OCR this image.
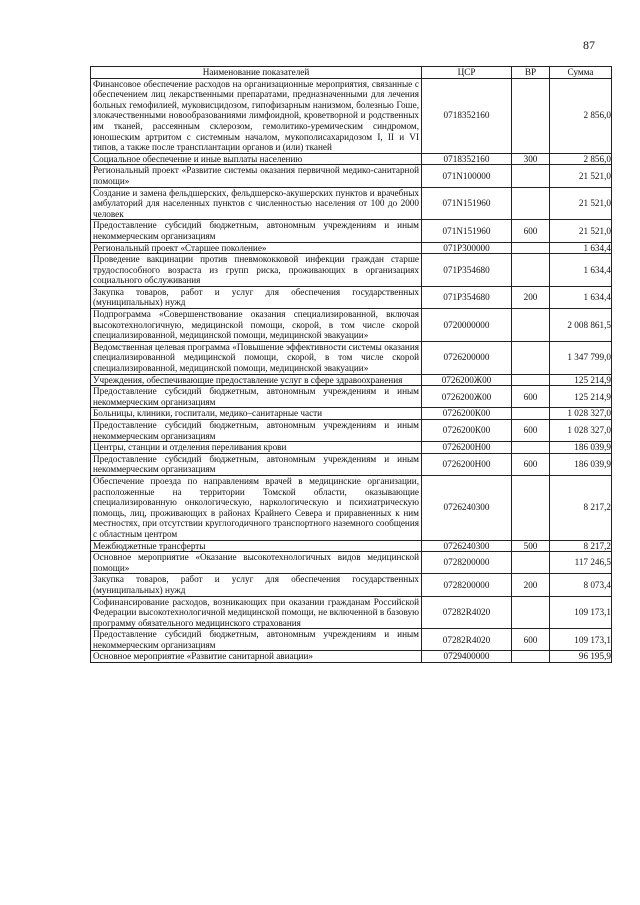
87
Наименование показателей	ЦСР	ВР	Сумма
Финансовое обеспечение расходов на организационные мероприятия, связанные с обеспечением лиц лекарственными препаратами, предназначенными для лечения больных гемофилией, муковисцидозом, гипофизарным нанизмом, болезнью Гоше, злокачественными новообразованиями лимфоидной, кроветворной и родственных им тканей, рассеянным склерозом, гемолитико-уремическим синдромом, юношеским артритом с системным началом, мукополисахаридозом I, II и VI типов, а также после трансплантации органов и (или) тканей	0718352160		2 856,0
Социальное обеспечение и иные выплаты населению	0718352160	300	2 856,0
Региональный проект «Развитие системы оказания первичной медико-санитарной помощи»	071N100000		21 521,0
Создание и замена фельдшерских, фельдшерско-акушерских пунктов и врачебных амбулаторий для населенных пунктов с численностью населения от 100 до 2000 человек	071N151960		21 521,0
Предоставление субсидий бюджетным, автономным учреждениям и иным некоммерческим организациям	071N151960	600	21 521,0
Региональный проект «Старшее поколение»	071P300000		1 634,4
Проведение вакцинации против пневмококковой инфекции граждан старше трудоспособного возраста из групп риска, проживающих в организациях социального обслуживания	071P354680		1 634,4
Закупка товаров, работ и услуг для обеспечения государственных (муниципальных) нужд	071P354680	200	1 634,4
Подпрограмма «Совершенствование оказания специализированной, включая высокотехнологичную, медицинской помощи, скорой, в том числе скорой специализированной, медицинской помощи, медицинской эвакуации»	0720000000		2 008 861,5
Ведомственная целевая программа «Повышение эффективности системы оказания специализированной медицинской помощи, скорой, в том числе скорой специализированной, медицинской помощи, медицинской эвакуации»	0726200000		1 347 799,0
Учреждения, обеспечивающие предоставление услуг в сфере здравоохранения	0726200Ж00		125 214,9
Предоставление субсидий бюджетным, автономным учреждениям и иным некоммерческим организациям	0726200Ж00	600	125 214,9
Больницы, клиники, госпитали, медико–санитарные части	0726200К00		1 028 327,0
Предоставление субсидий бюджетным, автономным учреждениям и иным некоммерческим организациям	0726200К00	600	1 028 327,0
Центры, станции и отделения переливания крови	0726200Н00		186 039,9
Предоставление субсидий бюджетным, автономным учреждениям и иным некоммерческим организациям	0726200Н00	600	186 039,9
Обеспечение проезда по направлениям врачей в медицинские организации, расположенные на территории Томской области, оказывающие специализированную онкологическую, наркологическую и психиатрическую помощь, лиц, проживающих в районах Крайнего Севера и приравненных к ним местностях, при отсутствии круглогодичного транспортного наземного сообщения с областным центром	0726240300		8 217,2
Межбюджетные трансферты	0726240300	500	8 217,2
Основное мероприятие «Оказание высокотехнологичных видов медицинской помощи»	0728200000		117 246,5
Закупка товаров, работ и услуг для обеспечения государственных (муниципальных) нужд	0728200000	200	8 073,4
Софинансирование расходов, возникающих при оказании гражданам Российской Федерации высокотехнологичной медицинской помощи, не включенной в базовую программу обязательного медицинского страхования	07282R4020		109 173,1
Предоставление субсидий бюджетным, автономным учреждениям и иным некоммерческим организациям	07282R4020	600	109 173,1
Основное мероприятие «Развитие санитарной авиации»	0729400000		96 195,9
